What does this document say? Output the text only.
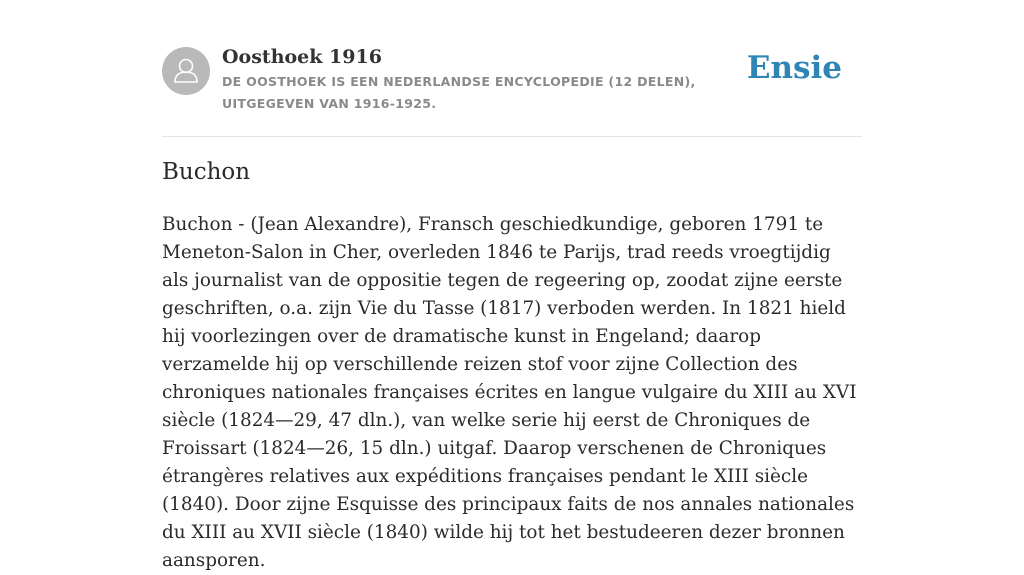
Oosthoek 1916

DE OOSTHOEK IS EEN NEDERLANDSE ENCYCLOPEDIE (12 DELEN), UITGEGEVEN VAN 1916-1925.

Ensie
Buchon

Buchon - (Jean Alexandre), Fransch geschiedkundige, geboren 1791 te Meneton-Salon in Cher, overleden 1846 te Parijs, trad reeds vroegtijdig als journalist van de oppositie tegen de regeering op, zoodat zijne eerste geschriften, o.a. zijn Vie du Tasse (1817) verboden werden. In 1821 hield hij voorlezingen over de dramatische kunst in Engeland; daarop verzamelde hij op verschillende reizen stof voor zijne Collection des chroniques nationales françaises écrites en langue vulgaire du XIII au XVI siècle (1824—29, 47 dln.), van welke serie hij eerst de Chroniques de Froissart (1824—26, 15 dln.) uitgaf. Daarop verschenen de Chroniques étrangères relatives aux expéditions françaises pendant le XIII siècle (1840). Door zijne Esquisse des principaux faits de nos annales nationales du XIII au XVII siècle (1840) wilde hij tot het bestudeeren dezer bronnen aansporen.
